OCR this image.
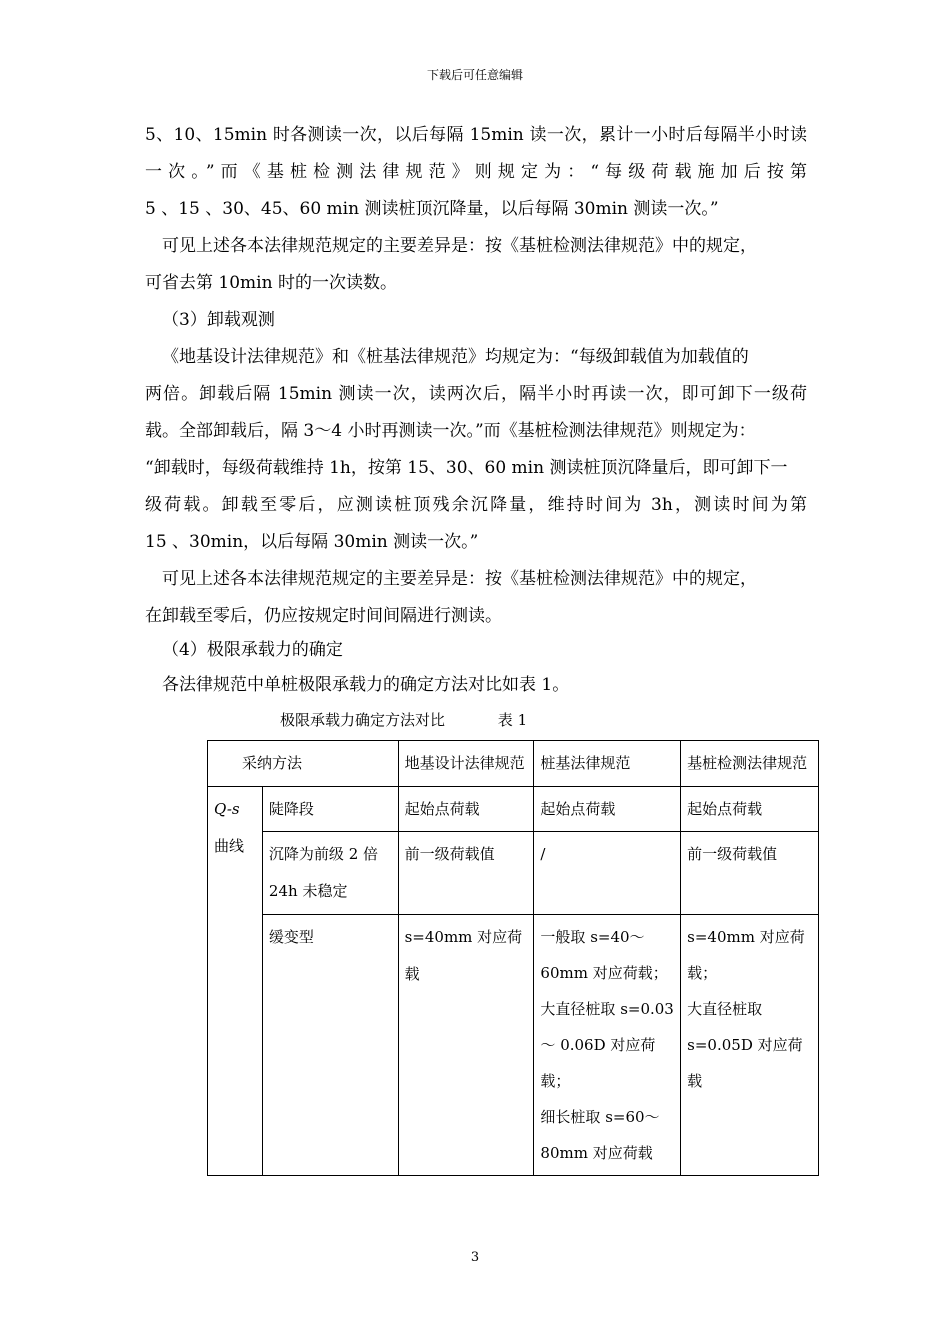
下载后可任意编辑
5、10、15min 时各测读一次，以后每隔 15min 读一次，累计一小时后每隔半小时读
一次。”而《基桩检测法律规范》则规定为：“每级荷载施加后按第
5 、15 、30、45、60 min 测读桩顶沉降量，以后每隔 30min 测读一次。”
可见上述各本法律规范规定的主要差异是：按《基桩检测法律规范》中的规定，
可省去第 10min 时的一次读数。
（3）卸载观测
《地基设计法律规范》和《桩基法律规范》均规定为：“每级卸载值为加载值的
两倍。卸载后隔 15min 测读一次，读两次后，隔半小时再读一次，即可卸下一级荷
载。全部卸载后，隔 3～4 小时再测读一次。”而《基桩检测法律规范》则规定为：
“卸载时，每级荷载维持 1h，按第 15、30、60 min 测读桩顶沉降量后，即可卸下一
级荷载。卸载至零后，应测读桩顶残余沉降量，维持时间为 3h，测读时间为第
15 、30min，以后每隔 30min 测读一次。”
可见上述各本法律规范规定的主要差异是：按《基桩检测法律规范》中的规定，
在卸载至零后，仍应按规定时间间隔进行测读。
（4）极限承载力的确定
各法律规范中单桩极限承载力的确定方法对比如表 1。
极限承载力确定方法对比	表 1
采纳方法		地基设计法律规范	桩基法律规范	基桩检测法律规范

Q-s
曲线	陡降段	起始点荷载	起始点荷载	起始点荷载
	沉降为前级 2 倍 24h 未稳定	前一级荷载值	/	前一级荷载值
	缓变型	s=40mm 对应荷载	一般取 s=40～60mm 对应荷载；
大直径桩取 s=0.03～ 0.06D 对应荷载；
细长桩取 s=60～80mm 对应荷载	s=40mm 对应荷载；
大直径桩取 s=0.05D 对应荷载
3
